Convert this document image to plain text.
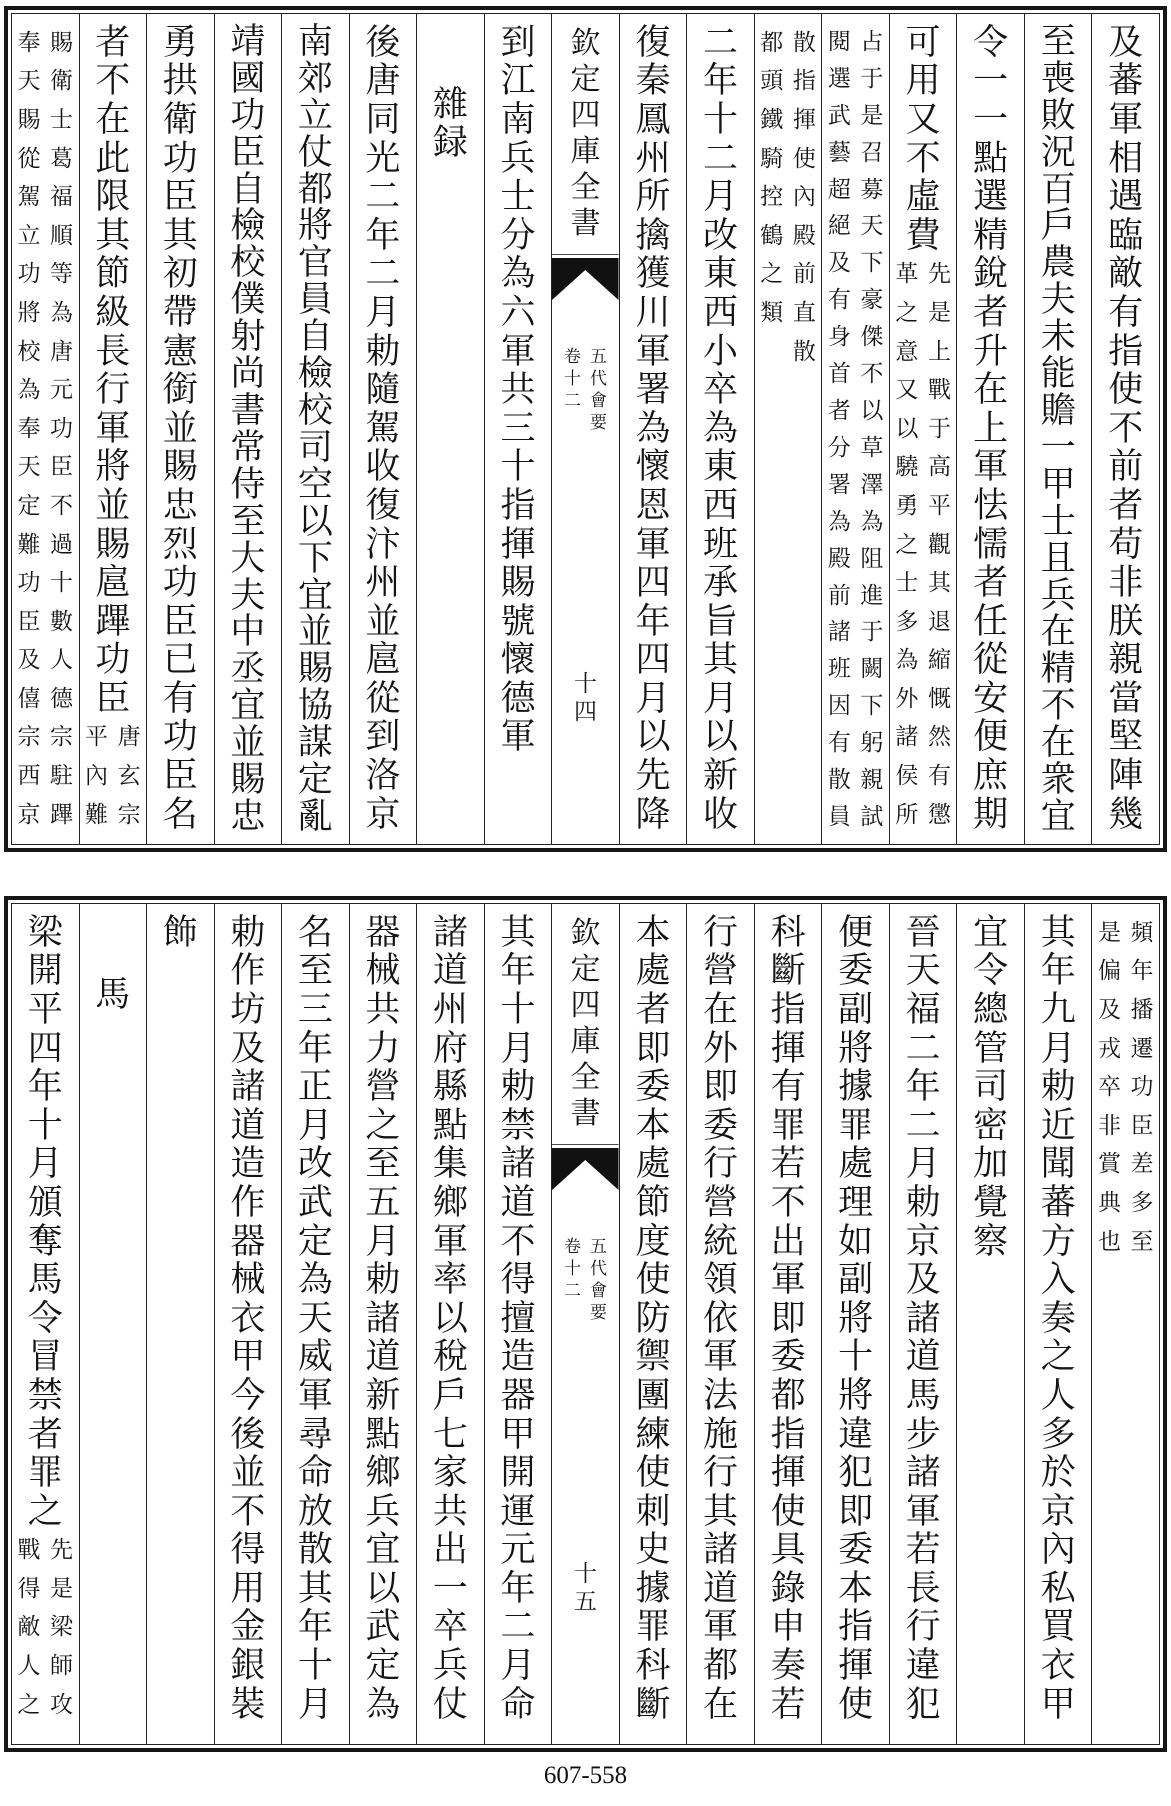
及
蕃
軍
相
遇
臨
敵
有
指
使
不
前
者
苟
非
朕
親
當
堅
陣
幾
至
喪
敗
況
百
戶
農
夫
未
能
贍
一
甲
士
且
兵
在
精
不
在
衆
宜
令
一
一
點
選
精
銳
者
升
在
上
軍
怯
懦
者
任
從
安
便
庶
期
可
用
又
不
虛
費
先
是
上
戰
于
高
平
觀
其
退
縮
慨
然
有
懲
革
之
意
又
以
驍
勇
之
士
多
為
外
諸
侯
所
占
于
是
召
募
天
下
豪
傑
不
以
草
澤
為
阻
進
于
闕
下
躬
親
試
閱
選
武
藝
超
絕
及
有
身
首
者
分
署
為
殿
前
諸
班
因
有
散
員
散
指
揮
使
內
殿
前
直
散
都
頭
鐵
騎
控
鶴
之
類
二
年
十
二
月
改
東
西
小
卒
為
東
西
班
承
旨
其
月
以
新
收
復
秦
鳳
州
所
擒
獲
川
軍
署
為
懷
恩
軍
四
年
四
月
以
先
降
欽
定
四
庫
全
書
五
代
會
要
卷
十
二
十
四
到
江
南
兵
士
分
為
六
軍
共
三
十
指
揮
賜
號
懷
德
軍
雜
録
後
唐
同
光
二
年
二
月
勅
隨
駕
收
復
汴
州
並
扈
從
到
洛
京
南
郊
立
仗
都
將
官
員
自
檢
校
司
空
以
下
宜
並
賜
協
謀
定
亂
靖
國
功
臣
自
檢
校
僕
射
尚
書
常
侍
至
大
夫
中
丞
宜
並
賜
忠
勇
拱
衛
功
臣
其
初
帶
憲
銜
並
賜
忠
烈
功
臣
已
有
功
臣
名
者
不
在
此
限
其
節
級
長
行
軍
將
並
賜
扈
蹕
功
臣
唐
玄
宗
平
內
難
賜
衛
士
葛
福
順
等
為
唐
元
功
臣
不
過
十
數
人
德
宗
駐
蹕
奉
天
賜
從
駕
立
功
將
校
為
奉
天
定
難
功
臣
及
僖
宗
西
京
頻
年
播
遷
功
臣
差
多
至
是
偏
及
戎
卒
非
賞
典
也
其
年
九
月
勅
近
聞
蕃
方
入
奏
之
人
多
於
京
內
私
買
衣
甲
宜
令
總
管
司
密
加
覺
察
晉
天
福
二
年
二
月
勅
京
及
諸
道
馬
步
諸
軍
若
長
行
違
犯
便
委
副
將
據
罪
處
理
如
副
將
十
將
違
犯
即
委
本
指
揮
使
科
斷
指
揮
有
罪
若
不
出
軍
即
委
都
指
揮
使
具
錄
申
奏
若
行
營
在
外
即
委
行
營
統
領
依
軍
法
施
行
其
諸
道
軍
都
在
本
處
者
即
委
本
處
節
度
使
防
禦
團
練
使
刺
史
據
罪
科
斷
欽
定
四
庫
全
書
五
代
會
要
卷
十
二
十
五
其
年
十
月
勅
禁
諸
道
不
得
擅
造
器
甲
開
運
元
年
二
月
命
諸
道
州
府
縣
點
集
鄉
軍
率
以
稅
戶
七
家
共
出
一
卒
兵
仗
器
械
共
力
營
之
至
五
月
勅
諸
道
新
點
鄉
兵
宜
以
武
定
為
名
至
三
年
正
月
改
武
定
為
天
威
軍
尋
命
放
散
其
年
十
月
勅
作
坊
及
諸
道
造
作
器
械
衣
甲
今
後
並
不
得
用
金
銀
裝
飾
馬
梁
開
平
四
年
十
月
頒
奪
馬
令
冒
禁
者
罪
之
先
是
梁
師
攻
戰
得
敵
人
之
607-558
